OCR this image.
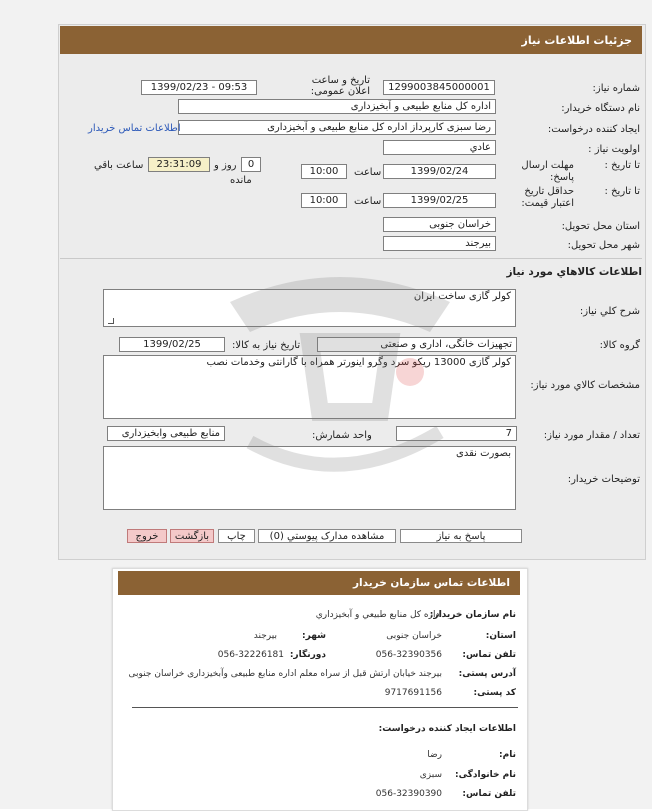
جزئیات اطلاعات نیاز
شماره نیاز:
1299003845000001
تاریخ و ساعت اعلان عمومی:
1399/02/23 - 09:53
نام دستگاه خریدار:
اداره کل منابع طبیعی و آبخیزداری
ایجاد کننده درخواست:
رضا سبزی کارپرداز اداره کل منابع طبیعی و آبخیزداری
اطلاعات تماس خریدار
اولویت نیاز :
عادي
مهلت ارسال پاسخ:
تا تاریخ :
1399/02/24
ساعت
10:00
0
روز و
23:31:09
مانده
ساعت باقي
حداقل تاریخ اعتبار قیمت:
تا تاریخ :
1399/02/25
ساعت
10:00
استان محل تحویل:
خراسان جنوبی
شهر محل تحویل:
بیرجند
اطلاعات کالاهاي مورد نياز
شرح کلي نیاز:
کولر گازی ساخت ایران
گروه کالا:
تجهیزات خانگی، اداری و صنعتی
تاریخ نیاز به کالا:
1399/02/25
مشخصات کالاي مورد نياز:
کولر گازی 13000 ریکو سرد وگرو اینورتر همراه با گارانتی وخدمات نصب
تعداد / مقدار مورد نياز:
7
واحد شمارش:
منابع طبیعی وابخیزداری
توضیحات خریدار:
بصورت نقدی
پاسخ به نياز
مشاهده مدارک پيوستي (0)
چاپ
بازگشت
خروج
اطلاعات تماس سازمان خریدار
نام سازمان خریدار:
اداره كل منابع طبيعي و آبخيزداري
استان:
خراسان جنوبی
شهر:
بیرجند
تلفن تماس:
056-32390356
دورنگار:
056-32226181
آدرس پستی:
بیرجند خیابان ارتش قبل از سراه معلم اداره منابع طبیعی وآبخیزداری خراسان جنوبی
کد پستی:
9717691156
اطلاعات ایجاد کننده درخواست:
نام:
رضا
نام خانوادگی:
سبزی
تلفن تماس:
056-32390390
